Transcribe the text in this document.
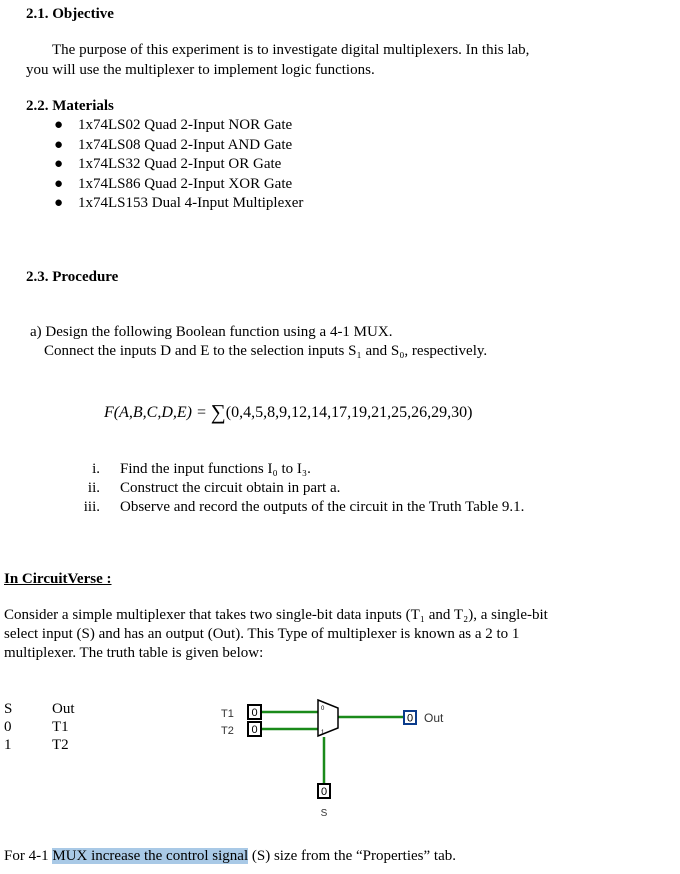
2.1. Objective
The purpose of this experiment is to investigate digital multiplexers. In this lab,
you will use the multiplexer to implement logic functions.
2.2. Materials
● 1x74LS02 Quad 2-Input NOR Gate
● 1x74LS08 Quad 2-Input AND Gate
● 1x74LS32 Quad 2-Input OR Gate
● 1x74LS86 Quad 2-Input XOR Gate
● 1x74LS153 Dual 4-Input Multiplexer
2.3. Procedure
a) Design the following Boolean function using a 4-1 MUX.
Connect the inputs D and E to the selection inputs S₁ and S₀, respectively.
F(A,B,C,D,E) = ∑(0,4,5,8,9,12,14,17,19,21,25,26,29,30)
i. Find the input functions I₀ to I₃.
ii. Construct the circuit obtain in part a.
iii. Observe and record the outputs of the circuit in the Truth Table 9.1.
In CircuitVerse :
Consider a simple multiplexer that takes two single-bit data inputs (T₁ and T₂), a single-bit
select input (S) and has an output (Out). This Type of multiplexer is known as a 2 to 1
multiplexer. The truth table is given below:
S	Out
0	T1
1	T2
0
0
T1
T2
0
1
0 Out
0
S
For 4-1 MUX increase the control signal (S) size from the “Properties” tab.
